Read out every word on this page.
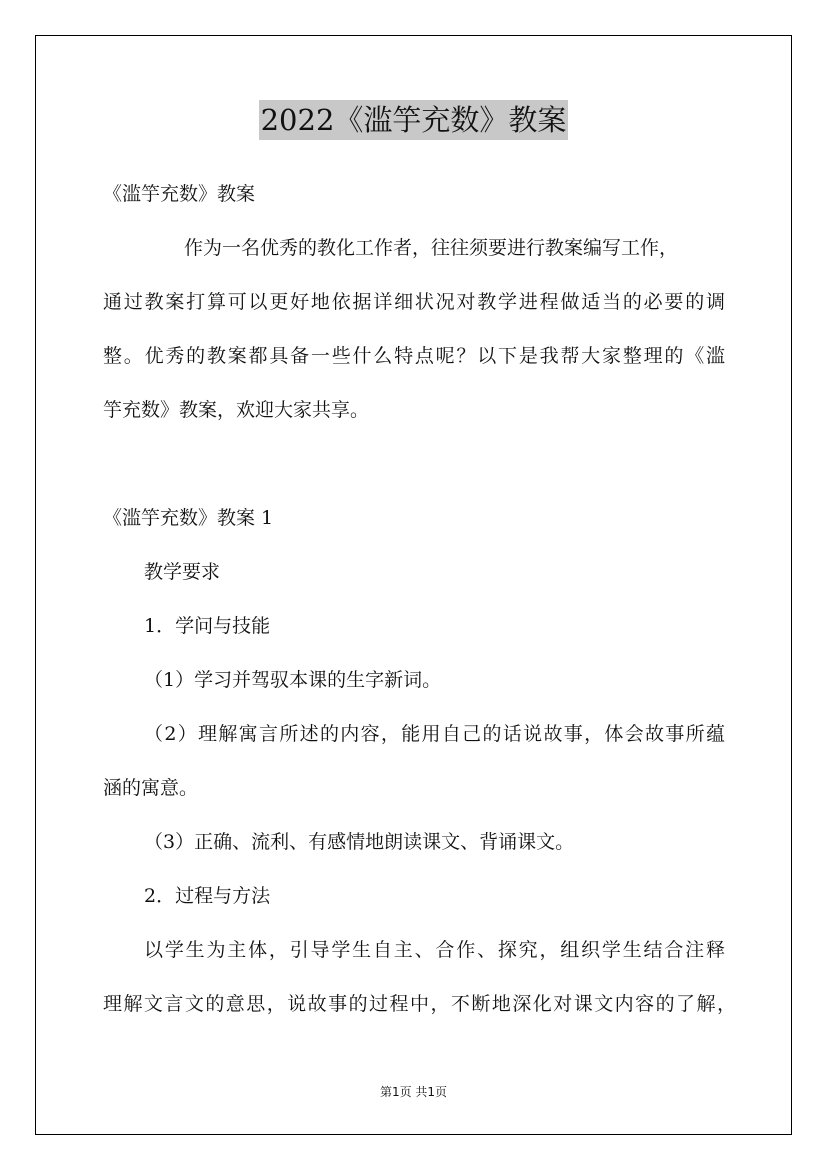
2022《滥竽充数》教案
《滥竽充数》教案
作为一名优秀的教化工作者，往往须要进行教案编写工作，
通过教案打算可以更好地依据详细状况对教学进程做适当的必要的调
整。优秀的教案都具备一些什么特点呢？以下是我帮大家整理的《滥
竽充数》教案，欢迎大家共享。
《滥竽充数》教案 1
教学要求
1．学问与技能
（1）学习并驾驭本课的生字新词。
（2）理解寓言所述的内容，能用自己的话说故事，体会故事所蕴
涵的寓意。
（3）正确、流利、有感情地朗读课文、背诵课文。
2．过程与方法
以学生为主体，引导学生自主、合作、探究，组织学生结合注释
理解文言文的意思，说故事的过程中，不断地深化对课文内容的了解，
第1页 共1页
